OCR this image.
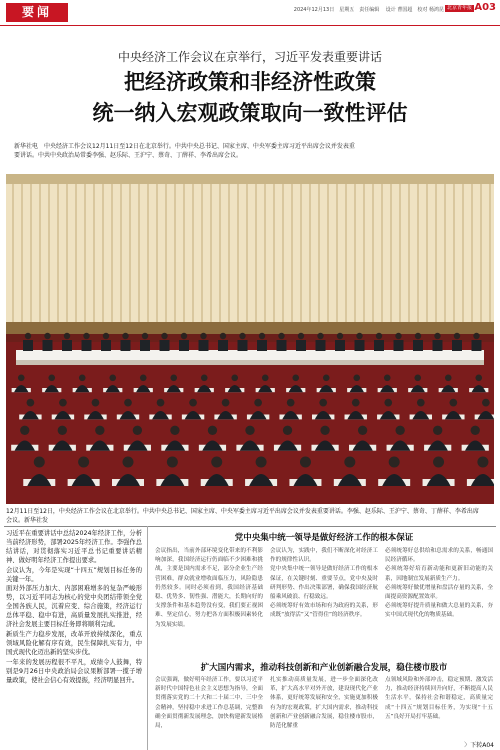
要闻	2024年12月13日　星期五　责任编辑 　设计 曹国超　校对 杨鸿昆 北京青年报 A03
中央经济工作会议在京举行，习近平发表重要讲话
把经济政策和非经济性政策
统一纳入宏观政策取向一致性评估
新华社电　中央经济工作会议12月11日至12日在北京举行。中共中央总书记、国家主席、中央军委主席习近平出席会议并发表重
要讲话。中共中央政治局常委李强、赵乐际、王沪宁、蔡奇、丁薛祥、李希出席会议。
12月11日至12日，中央经济工作会议在北京举行。中共中央总书记、国家主席、中央军委主席习近平出席会议并发表重要讲话。李强、赵乐际、王沪宁、蔡奇、丁薛祥、李希出席
会议。新华社发

习近平在重要讲话中总结2024年经济工作，分析当前经济形势，部署2025年经济工作。李强作总结讲话，对贯彻落实习近平总书记重要讲话精神、做好明年经济工作提出要求。

会议认为，今年是实现“十四五”规划目标任务的关键一年。

面对外部压力加大、内部困难增多的复杂严峻形势，以习近平同志为核心的党中央团结带领全党全国各族人民，沉着应变、综合施策，经济运行总体平稳、稳中有进，高质量发展扎实推进，经济社会发展主要目标任务即将顺利完成。

新质生产力稳步发展，改革开放持续深化，重点领域风险化解有序有效，民生保障扎实有力，中国式现代化迈出新的坚实步伐。

一年来的发展历程很不平凡，成绩令人鼓舞，特别是9月26日中央政治局会议果断部署一揽子增量政策，使社会信心有效提振，经济明显回升。

党中央集中统一领导是做好经济工作的根本保证
会议指出，当前外部环境变化带来的不利影响加深，我国经济运行仍面临不少困难和挑战，主要是国内需求不足，部分企业生产经营困难，群众就业增收面临压力，风险隐患仍然较多。同时必须看到，我国经济基础稳、优势多、韧性强、潜能大，长期向好的支撑条件和基本趋势没有变，我们要正视困难、坚定信心，努力把各方面积极因素转化为发展实绩。
会议认为，实践中，我们不断深化对经济工作的规律性认识。
党中央集中统一领导是做好经济工作的根本保证，在关键时刻、重要节点，党中央及时研判形势、作出决策部署，确保我国经济航船乘风破浪、行稳致远。
必须统筹好有效市场和有为政府的关系，形成既“放得活”又“管得住”的经济秩序。
必须统筹好总供给和总需求的关系，畅通国民经济循环。
必须统筹好培育新动能和更新旧动能的关系，因地制宜发展新质生产力。
必须统筹好做优增量和盘活存量的关系，全面提高资源配置效率。
必须统筹好提升质量和做大总量的关系，夯实中国式现代化的物质基础。
扩大国内需求，推动科技创新和产业创新融合发展，稳住楼市股市
会议强调，做好明年经济工作，要以习近平新时代中国特色社会主义思想为指导，全面贯彻落实党的二十大和二十届二中、三中全会精神，坚持稳中求进工作总基调，完整准确全面贯彻新发展理念，加快构建新发展格局，
扎实推动高质量发展，进一步全面深化改革，扩大高水平对外开放，建设现代化产业体系，更好统筹发展和安全，实施更加积极有为的宏观政策，扩大国内需求，推动科技创新和产业创新融合发展，稳住楼市股市，防范化解重
点领域风险和外部冲击，稳定预期、激发活力，推动经济持续回升向好，不断提高人民生活水平，保持社会和谐稳定，高质量完成“十四五”规划目标任务，为实现“十五五”良好开局打牢基础。
〉下转A04
